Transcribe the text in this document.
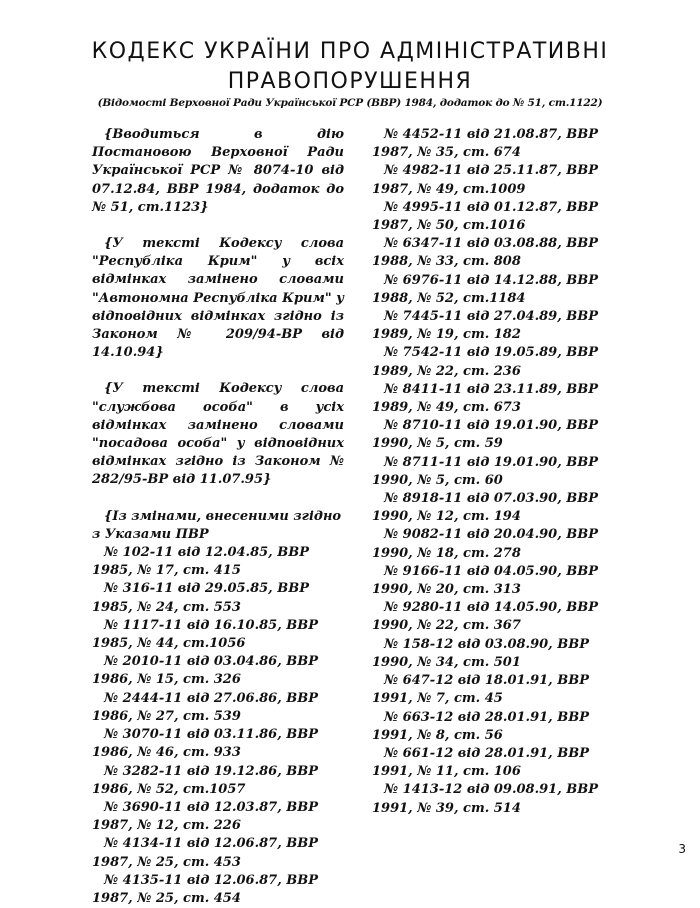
КОДЕКС УКРАЇНИ ПРО АДМІНІСТРАТИВНІ
ПРАВОПОРУШЕННЯ
(Відомості Верховної Ради Української РСР (ВВР) 1984, додаток до № 51, ст.1122)

{Вводиться в дію Постановою Верховної Ради Української РСР № 8074-10 від 07.12.84, ВВР 1984, додаток до № 51, ст.1123}

{У тексті Кодексу слова "Республіка Крим" у всіх відмінках замінено словами "Автономна Республіка Крим" у відповідних відмінках згідно із Законом № 209/94-ВР від 14.10.94}

{У тексті Кодексу слова "службова особа" в усіх відмінках замінено словами "посадова особа" у відповідних відмінках згідно із Законом № 282/95-ВР від 11.07.95}

{Із змінами, внесеними згідно з Указами ПВР

№ 102-11 від 12.04.85, ВВР 1985, № 17, ст. 415

№ 316-11 від 29.05.85, ВВР 1985, № 24, ст. 553

№ 1117-11 від 16.10.85, ВВР 1985, № 44, ст.1056

№ 2010-11 від 03.04.86, ВВР 1986, № 15, ст. 326

№ 2444-11 від 27.06.86, ВВР 1986, № 27, ст. 539

№ 3070-11 від 03.11.86, ВВР 1986, № 46, ст. 933

№ 3282-11 від 19.12.86, ВВР 1986, № 52, ст.1057

№ 3690-11 від 12.03.87, ВВР 1987, № 12, ст. 226

№ 4134-11 від 12.06.87, ВВР 1987, № 25, ст. 453

№ 4135-11 від 12.06.87, ВВР 1987, № 25, ст. 454

№ 4452-11 від 21.08.87, ВВР 1987, № 35, ст. 674

№ 4982-11 від 25.11.87, ВВР 1987, № 49, ст.1009

№ 4995-11 від 01.12.87, ВВР 1987, № 50, ст.1016

№ 6347-11 від 03.08.88, ВВР 1988, № 33, ст. 808

№ 6976-11 від 14.12.88, ВВР 1988, № 52, ст.1184

№ 7445-11 від 27.04.89, ВВР 1989, № 19, ст. 182

№ 7542-11 від 19.05.89, ВВР 1989, № 22, ст. 236

№ 8411-11 від 23.11.89, ВВР 1989, № 49, ст. 673

№ 8710-11 від 19.01.90, ВВР 1990, № 5, ст. 59

№ 8711-11 від 19.01.90, ВВР 1990, № 5, ст. 60

№ 8918-11 від 07.03.90, ВВР 1990, № 12, ст. 194

№ 9082-11 від 20.04.90, ВВР 1990, № 18, ст. 278

№ 9166-11 від 04.05.90, ВВР 1990, № 20, ст. 313

№ 9280-11 від 14.05.90, ВВР 1990, № 22, ст. 367

№ 158-12 від 03.08.90, ВВР 1990, № 34, ст. 501

№ 647-12 від 18.01.91, ВВР 1991, № 7, ст. 45

№ 663-12 від 28.01.91, ВВР 1991, № 8, ст. 56

№ 661-12 від 28.01.91, ВВР 1991, № 11, ст. 106

№ 1413-12 від 09.08.91, ВВР 1991, № 39, ст. 514

3
